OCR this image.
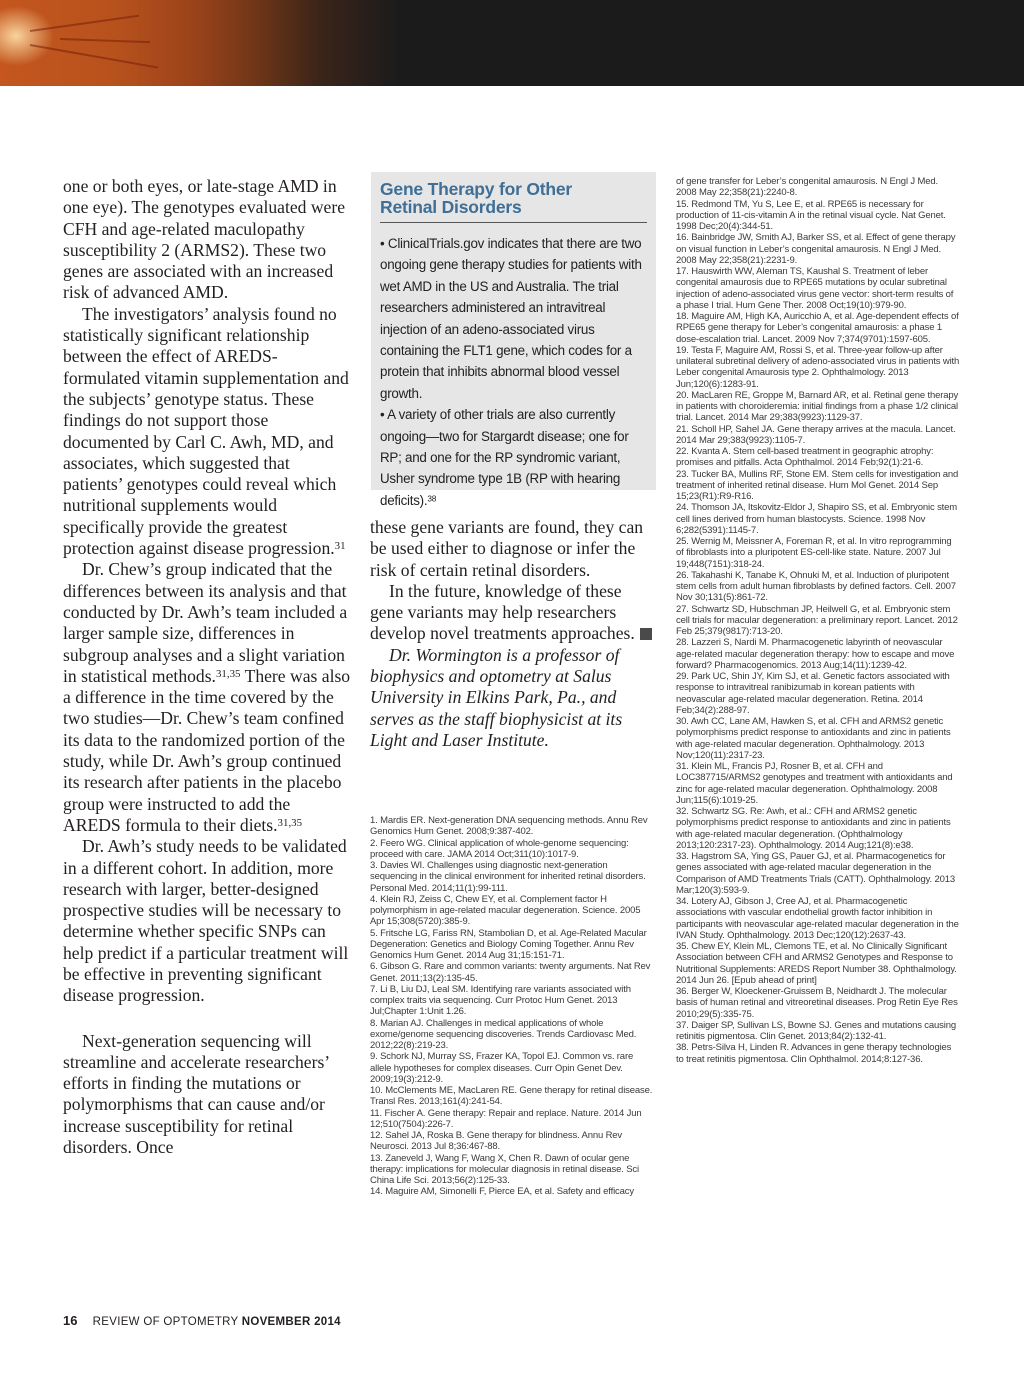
one or both eyes, or late-stage AMD in one eye). The genotypes evaluated were CFH and age-related maculopathy susceptibility 2 (ARMS2). These two genes are associated with an increased risk of advanced AMD.

The investigators’ analysis found no statistically significant relationship between the effect of AREDS-formulated vitamin supplementation and the subjects’ genotype status. These findings do not support those documented by Carl C. Awh, MD, and associates, which suggested that patients’ genotypes could reveal which nutritional supplements would specifically provide the greatest protection against disease progression.$^{31}$

Dr. Chew’s group indicated that the differences between its analysis and that conducted by Dr. Awh’s team included a larger sample size, differences in subgroup analyses and a slight variation in statistical methods.$^{31,35}$ There was also a difference in the time covered by the two studies—Dr. Chew’s team confined its data to the randomized portion of the study, while Dr. Awh’s group continued its research after patients in the placebo group were instructed to add the AREDS formula to their diets.$^{31,35}$

Dr. Awh’s study needs to be validated in a different cohort. In addition, more research with larger, better-designed prospective studies will be necessary to determine whether specific SNPs can help predict if a particular treatment will be effective in preventing significant disease progression.

Next-generation sequencing will streamline and accelerate researchers’ efforts in finding the mutations or polymorphisms that can cause and/or increase susceptibility for retinal disorders. Once

Gene Therapy for Other
Retinal Disorders

• ClinicalTrials.gov indicates that there are two ongoing gene therapy studies for patients with wet AMD in the US and Australia. The trial researchers administered an intravitreal injection of an adeno-associated virus containing the FLT1 gene, which codes for a protein that inhibits abnormal blood vessel growth.

• A variety of other trials are also currently ongoing—two for Stargardt disease; one for RP; and one for the RP syndromic variant, Usher syndrome type 1B (RP with hearing deficits).$^{38}$

these gene variants are found, they can be used either to diagnose or infer the risk of certain retinal disorders.

In the future, knowledge of these gene variants may help researchers develop novel treatments approaches.

Dr. Wormington is a professor of biophysics and optometry at Salus University in Elkins Park, Pa., and serves as the staff biophysicist at its Light and Laser Institute.

1. Mardis ER. Next-generation DNA sequencing methods. Annu Rev Genomics Hum Genet. 2008;9:387-402.

2. Feero WG. Clinical application of whole-genome sequencing: proceed with care. JAMA 2014 Oct;311(10):1017-9.

3. Davies WI. Challenges using diagnostic next-generation sequencing in the clinical environment for inherited retinal disorders. Personal Med. 2014;11(1):99-111.

4. Klein RJ, Zeiss C, Chew EY, et al. Complement factor H polymorphism in age-related macular degeneration. Science. 2005 Apr 15;308(5720):385-9.

5. Fritsche LG, Fariss RN, Stambolian D, et al. Age-Related Macular Degeneration: Genetics and Biology Coming Together. Annu Rev Genomics Hum Genet. 2014 Aug 31;15:151-71.

6. Gibson G. Rare and common variants: twenty arguments. Nat Rev Genet. 2011;13(2):135-45.

7. Li B, Liu DJ, Leal SM. Identifying rare variants associated with complex traits via sequencing. Curr Protoc Hum Genet. 2013 Jul;Chapter 1:Unit 1.26.

8. Marian AJ. Challenges in medical applications of whole exome/genome sequencing discoveries. Trends Cardiovasc Med. 2012;22(8):219-23.

9. Schork NJ, Murray SS, Frazer KA, Topol EJ. Common vs. rare allele hypotheses for complex diseases. Curr Opin Genet Dev. 2009;19(3):212-9.

10. McClements ME, MacLaren RE. Gene therapy for retinal disease. Transl Res. 2013;161(4):241-54.

11. Fischer A. Gene therapy: Repair and replace. Nature. 2014 Jun 12;510(7504):226-7.

12. Sahel JA, Roska B. Gene therapy for blindness. Annu Rev Neurosci. 2013 Jul 8;36:467-88.

13. Zaneveld J, Wang F, Wang X, Chen R. Dawn of ocular gene therapy: implications for molecular diagnosis in retinal disease. Sci China Life Sci. 2013;56(2):125-33.

14. Maguire AM, Simonelli F, Pierce EA, et al. Safety and efficacy

of gene transfer for Leber’s congenital amaurosis. N Engl J Med. 2008 May 22;358(21):2240-8.

15. Redmond TM, Yu S, Lee E, et al. RPE65 is necessary for production of 11-cis-vitamin A in the retinal visual cycle. Nat Genet. 1998 Dec;20(4):344-51.

16. Bainbridge JW, Smith AJ, Barker SS, et al. Effect of gene therapy on visual function in Leber’s congenital amaurosis. N Engl J Med. 2008 May 22;358(21):2231-9.

17. Hauswirth WW, Aleman TS, Kaushal S. Treatment of leber congenital amaurosis due to RPE65 mutations by ocular subretinal injection of adeno-associated virus gene vector: short-term results of a phase I trial. Hum Gene Ther. 2008 Oct;19(10):979-90.

18. Maguire AM, High KA, Auricchio A, et al. Age-dependent effects of RPE65 gene therapy for Leber’s congenital amaurosis: a phase 1 dose-escalation trial. Lancet. 2009 Nov 7;374(9701):1597-605.

19. Testa F, Maguire AM, Rossi S, et al. Three-year follow-up after unilateral subretinal delivery of adeno-associated virus in patients with Leber congenital Amaurosis type 2. Ophthalmology. 2013 Jun;120(6):1283-91.

20. MacLaren RE, Groppe M, Barnard AR, et al. Retinal gene therapy in patients with choroideremia: initial findings from a phase 1/2 clinical trial. Lancet. 2014 Mar 29;383(9923):1129-37.

21. Scholl HP, Sahel JA. Gene therapy arrives at the macula. Lancet. 2014 Mar 29;383(9923):1105-7.

22. Kvanta A. Stem cell-based treatment in geographic atrophy: promises and pitfalls. Acta Ophthalmol. 2014 Feb;92(1):21-6.

23. Tucker BA, Mullins RF, Stone EM. Stem cells for investigation and treatment of inherited retinal disease. Hum Mol Genet. 2014 Sep 15;23(R1):R9-R16.

24. Thomson JA, Itskovitz-Eldor J, Shapiro SS, et al. Embryonic stem cell lines derived from human blastocysts. Science. 1998 Nov 6;282(5391):1145-7.

25. Wernig M, Meissner A, Foreman R, et al. In vitro reprogramming of fibroblasts into a pluripotent ES-cell-like state. Nature. 2007 Jul 19;448(7151):318-24.

26. Takahashi K, Tanabe K, Ohnuki M, et al. Induction of pluripotent stem cells from adult human fibroblasts by defined factors. Cell. 2007 Nov 30;131(5):861-72.

27. Schwartz SD, Hubschman JP, Heilwell G, et al. Embryonic stem cell trials for macular degeneration: a preliminary report. Lancet. 2012 Feb 25;379(9817):713-20.

28. Lazzeri S, Nardi M. Pharmacogenetic labyrinth of neovascular age-related macular degeneration therapy: how to escape and move forward? Pharmacogenomics. 2013 Aug;14(11):1239-42.

29. Park UC, Shin JY, Kim SJ, et al. Genetic factors associated with response to intravitreal ranibizumab in korean patients with neovascular age-related macular degeneration. Retina. 2014 Feb;34(2):288-97.

30. Awh CC, Lane AM, Hawken S, et al. CFH and ARMS2 genetic polymorphisms predict response to antioxidants and zinc in patients with age-related macular degeneration. Ophthalmology. 2013 Nov;120(11):2317-23.

31. Klein ML, Francis PJ, Rosner B, et al. CFH and LOC387715/ARMS2 genotypes and treatment with antioxidants and zinc for age-related macular degeneration. Ophthalmology. 2008 Jun;115(6):1019-25.

32. Schwartz SG. Re: Awh, et al.: CFH and ARMS2 genetic polymorphisms predict response to antioxidants and zinc in patients with age-related macular degeneration. (Ophthalmology 2013;120:2317-23). Ophthalmology. 2014 Aug;121(8):e38.

33. Hagstrom SA, Ying GS, Pauer GJ, et al. Pharmacogenetics for genes associated with age-related macular degeneration in the Comparison of AMD Treatments Trials (CATT). Ophthalmology. 2013 Mar;120(3):593-9.

34. Lotery AJ, Gibson J, Cree AJ, et al. Pharmacogenetic associations with vascular endothelial growth factor inhibition in participants with neovascular age-related macular degeneration in the IVAN Study. Ophthalmology. 2013 Dec;120(12):2637-43.

35. Chew EY, Klein ML, Clemons TE, et al. No Clinically Significant Association between CFH and ARMS2 Genotypes and Response to Nutritional Supplements: AREDS Report Number 38. Ophthalmology. 2014 Jun 26. [Epub ahead of print]

36. Berger W, Kloeckener-Gruissem B, Neidhardt J. The molecular basis of human retinal and vitreoretinal diseases. Prog Retin Eye Res 2010;29(5):335-75.

37. Daiger SP, Sullivan LS, Bowne SJ. Genes and mutations causing retinitis pigmentosa. Clin Genet. 2013;84(2):132-41.

38. Petrs-Silva H, Linden R. Advances in gene therapy technologies to treat retinitis pigmentosa. Clin Ophthalmol. 2014;8:127-36.

16 REVIEW OF OPTOMETRY NOVEMBER 2014
